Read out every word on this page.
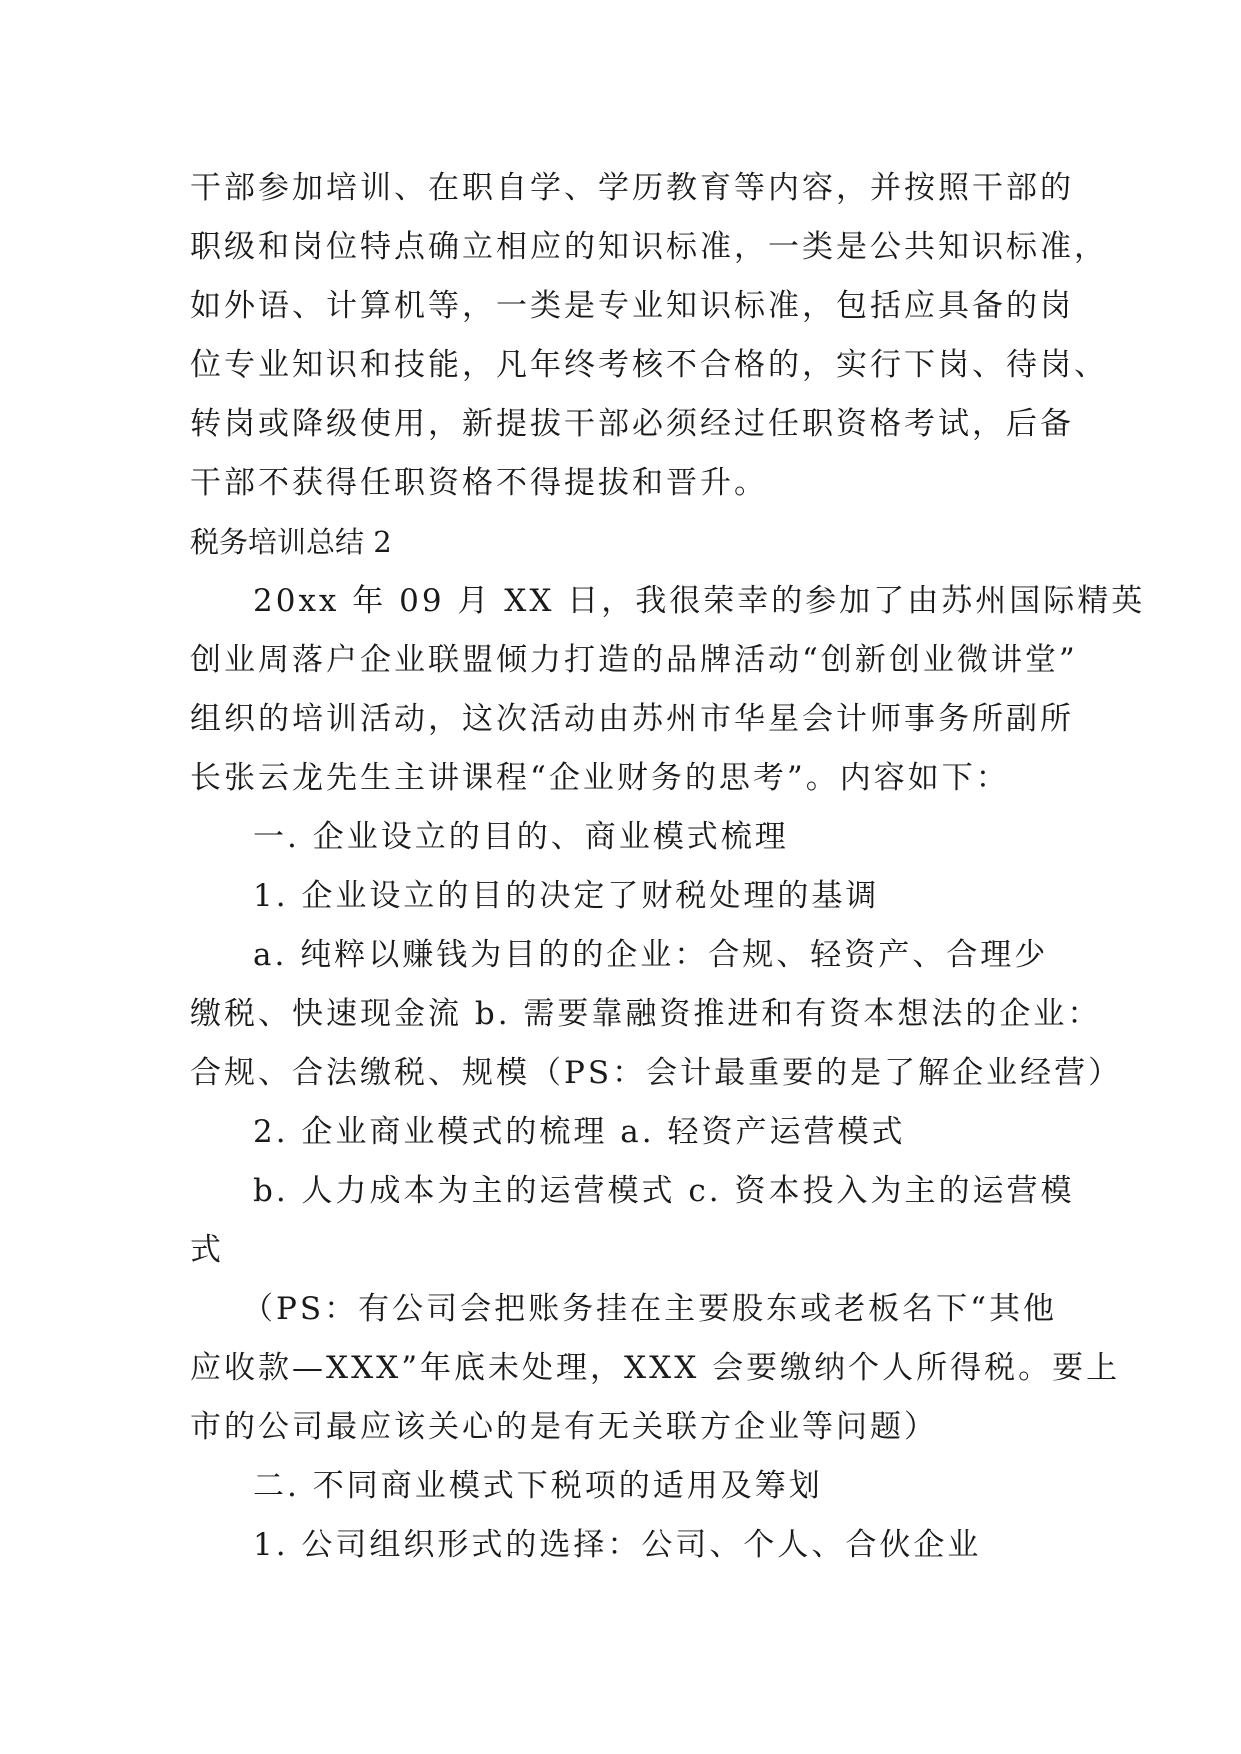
干部参加培训、在职自学、学历教育等内容，并按照干部的
职级和岗位特点确立相应的知识标准，一类是公共知识标准，
如外语、计算机等，一类是专业知识标准，包括应具备的岗
位专业知识和技能，凡年终考核不合格的，实行下岗、待岗、
转岗或降级使用，新提拔干部必须经过任职资格考试，后备
干部不获得任职资格不得提拔和晋升。
税务培训总结 2
20xx 年 09 月 XX 日，我很荣幸的参加了由苏州国际精英
创业周落户企业联盟倾力打造的品牌活动“创新创业微讲堂”
组织的培训活动，这次活动由苏州市华星会计师事务所副所
长张云龙先生主讲课程“企业财务的思考”。内容如下：
一. 企业设立的目的、商业模式梳理
1. 企业设立的目的决定了财税处理的基调
a. 纯粹以赚钱为目的的企业：合规、轻资产、合理少
缴税、快速现金流 b. 需要靠融资推进和有资本想法的企业：
合规、合法缴税、规模（PS：会计最重要的是了解企业经营）
2. 企业商业模式的梳理 a. 轻资产运营模式
b. 人力成本为主的运营模式 c. 资本投入为主的运营模
式
（PS：有公司会把账务挂在主要股东或老板名下“其他
应收款—XXX”年底未处理，XXX 会要缴纳个人所得税。要上
市的公司最应该关心的是有无关联方企业等问题）
二. 不同商业模式下税项的适用及筹划
1. 公司组织形式的选择：公司、个人、合伙企业
